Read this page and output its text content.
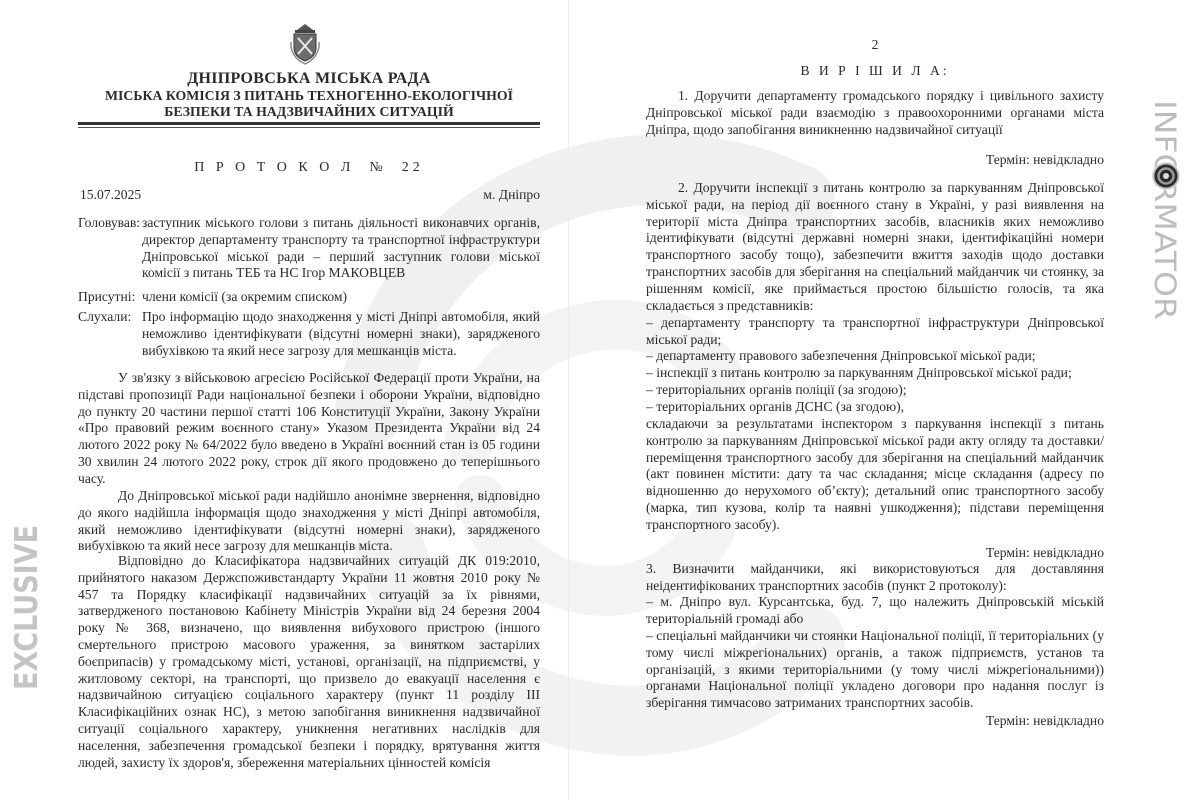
ДНІПРОВСЬКА МІСЬКА РАДА
МІСЬКА КОМІСІЯ З ПИТАНЬ ТЕХНОГЕННО-ЕКОЛОГІЧНОЇ
БЕЗПЕКИ ТА НАДЗВИЧАЙНИХ СИТУАЦІЙ
П Р О Т О К О Л  №  22
15.07.2025	м. Дніпро
Головував: заступник міського голови з питань діяльності виконавчих органів, директор департаменту транспорту та транспортної інфраструктури Дніпровської міської ради – перший заступник голови міської комісії з питань ТЕБ та НС Ігор МАКОВЦЕВ
Присутні: члени комісії (за окремим списком)
Слухали: Про інформацію щодо знаходження у місті Дніпрі автомобіля, який неможливо ідентифікувати (відсутні номерні знаки), зарядженого вибухівкою та який несе загрозу для мешканців міста.
У зв'язку з військовою агресією Російської Федерації проти України, на підставі пропозиції Ради національної безпеки і оборони України, відповідно до пункту 20 частини першої статті 106 Конституції України, Закону України «Про правовий режим воєнного стану» Указом Президента України від 24 лютого 2022 року № 64/2022 було введено в Україні воєнний стан із 05 години 30 хвилин 24 лютого 2022 року, строк дії якого продовжено до теперішнього часу.
До Дніпровської міської ради надійшло анонімне звернення, відповідно до якого надійшла інформація щодо знаходження у місті Дніпрі автомобіля, який неможливо ідентифікувати (відсутні номерні знаки), зарядженого вибухівкою та який несе загрозу для мешканців міста.
Відповідно до Класифікатора надзвичайних ситуацій ДК 019:2010, прийнятого наказом Держспоживстандарту України 11 жовтня 2010 року № 457 та Порядку класифікації надзвичайних ситуацій за їх рівнями, затвердженого постановою Кабінету Міністрів України від 24 березня 2004 року № 368, визначено, що виявлення вибухового пристрою (іншого смертельного пристрою масового ураження, за винятком застарілих боєприпасів) у громадському місті, установі, організації, на підприємстві, у житловому секторі, на транспорті, що призвело до евакуації населення є надзвичайною ситуацією соціального характеру (пункт 11 розділу ІІІ Класифікаційних ознак НС), з метою запобігання виникнення надзвичайної ситуації соціального характеру, уникнення негативних наслідків для населення, забезпечення громадської безпеки і порядку, врятування життя людей, захисту їх здоров'я, збереження матеріальних цінностей комісія
2
В И Р І Ш И Л А:
1. Доручити департаменту громадського порядку і цивільного захисту Дніпровської міської ради взаємодію з правоохоронними органами міста Дніпра, щодо запобігання виникненню надзвичайної ситуації
Термін: невідкладно
2. Доручити інспекції з питань контролю за паркуванням Дніпровської міської ради, на період дії воєнного стану в Україні, у разі виявлення на території міста Дніпра транспортних засобів, власників яких неможливо ідентифікувати (відсутні державні номерні знаки, ідентифікаційні номери транспортного засобу тощо), забезпечити вжиття заходів щодо доставки транспортних засобів для зберігання на спеціальний майданчик чи стоянку, за рішенням комісії, яке приймається простою більшістю голосів, та яка складається з представників:
– департаменту транспорту та транспортної інфраструктури Дніпровської міської ради;
– департаменту правового забезпечення Дніпровської міської ради;
– інспекції з питань контролю за паркуванням Дніпровської міської ради;
– територіальних органів поліції (за згодою);
– територіальних органів ДСНС (за згодою),
складаючи за результатами інспектором з паркування інспекції з питань контролю за паркуванням Дніпровської міської ради акту огляду та доставки/переміщення транспортного засобу для зберігання на спеціальний майданчик (акт повинен містити: дату та час складання; місце складання (адресу по відношенню до нерухомого об’єкту); детальний опис транспортного засобу (марка, тип кузова, колір та наявні ушкодження); підстави переміщення транспортного засобу).
Термін: невідкладно
3. Визначити майданчики, які використовуються для доставляння неідентифікованих транспортних засобів (пункт 2 протоколу):
– м. Дніпро вул. Курсантська, буд. 7, що належить Дніпровській міській територіальній громаді або
– спеціальні майданчики чи стоянки Національної поліції, її територіальних (у тому числі міжрегіональних) органів, а також підприємств, установ та організацій, з якими територіальними (у тому числі міжрегіональними)) органами Національної поліції укладено договори про надання послуг із зберігання тимчасово затриманих транспортних засобів.
Термін: невідкладно
EXCLUSIVE
INFORMATOR
